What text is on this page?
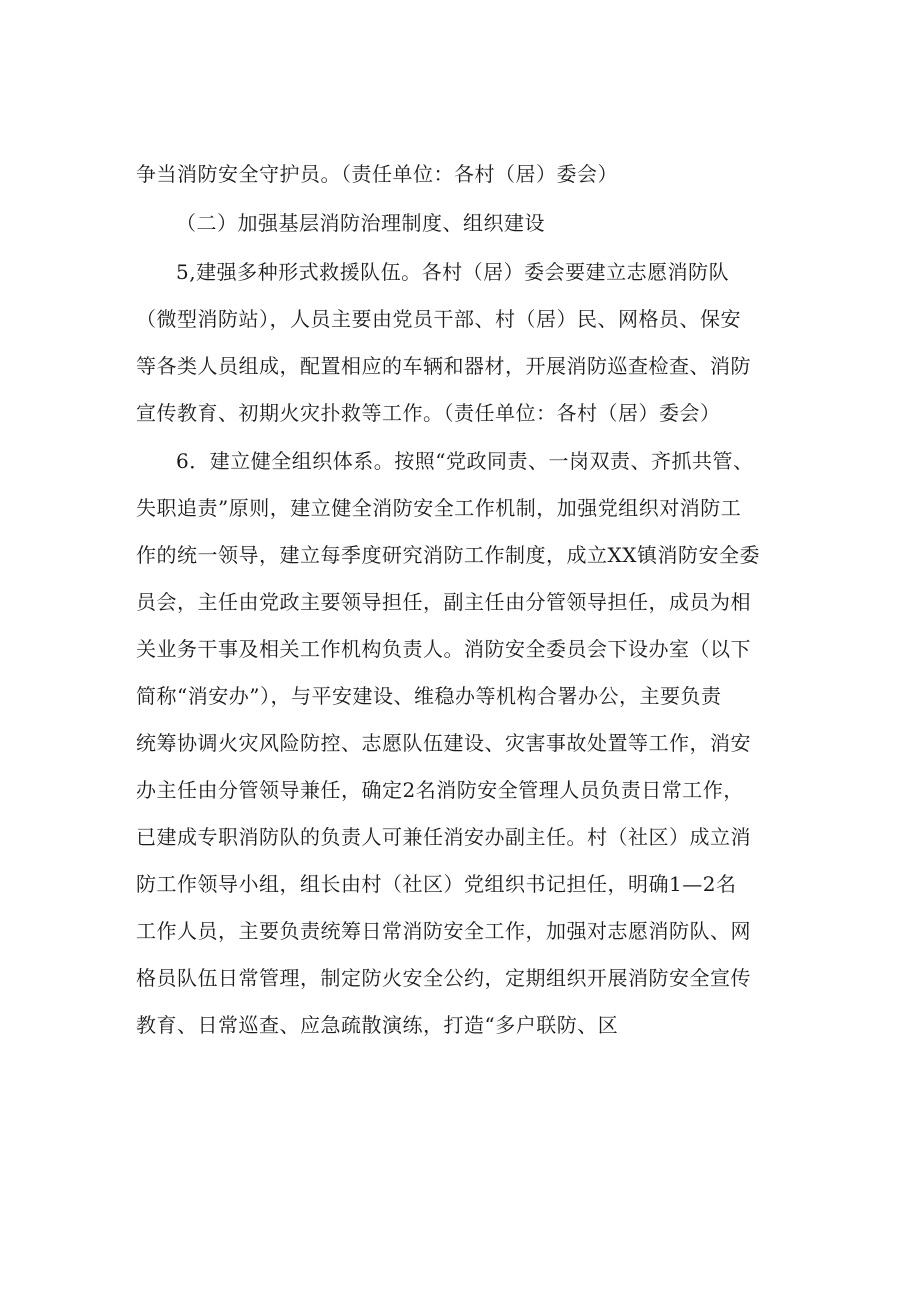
争当消防安全守护员。（责任单位：各村（居）委会）
（二）加强基层消防治理制度、组织建设
5,建强多种形式救援队伍。各村（居）委会要建立志愿消防队
（微型消防站），人员主要由党员干部、村（居）民、网格员、保安
等各类人员组成，配置相应的车辆和器材，开展消防巡查检查、消防
宣传教育、初期火灾扑救等工作。（责任单位：各村（居）委会）
6．建立健全组织体系。按照“党政同责、一岗双责、齐抓共管、
失职追责”原则，建立健全消防安全工作机制，加强党组织对消防工
作的统一领导，建立每季度研究消防工作制度，成立XX镇消防安全委
员会，主任由党政主要领导担任，副主任由分管领导担任，成员为相
关业务干事及相关工作机构负责人。消防安全委员会下设办室（以下
简称“消安办”），与平安建设、维稳办等机构合署办公，主要负责
统筹协调火灾风险防控、志愿队伍建设、灾害事故处置等工作，消安
办主任由分管领导兼任，确定2名消防安全管理人员负责日常工作，
已建成专职消防队的负责人可兼任消安办副主任。村（社区）成立消
防工作领导小组，组长由村（社区）党组织书记担任，明确1—2名
工作人员，主要负责统筹日常消防安全工作，加强对志愿消防队、网
格员队伍日常管理，制定防火安全公约，定期组织开展消防安全宣传
教育、日常巡查、应急疏散演练，打造“多户联防、区
